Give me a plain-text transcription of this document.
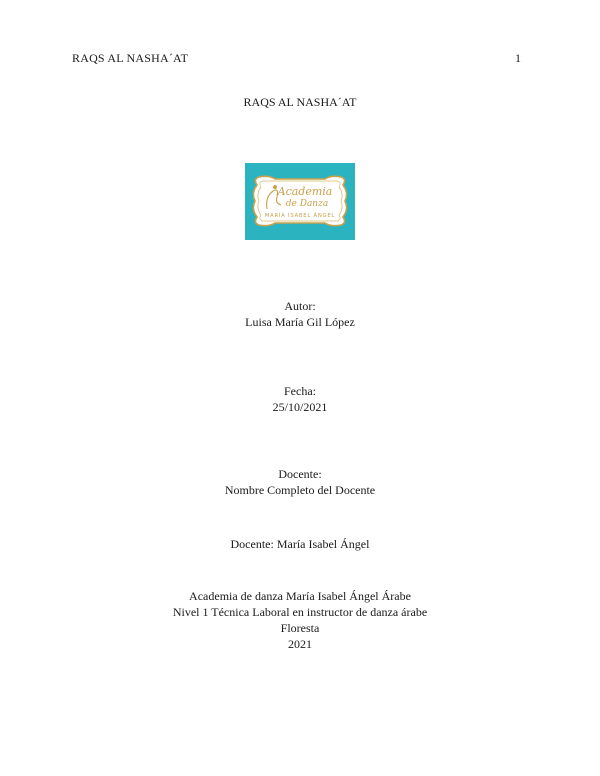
RAQS AL NASHA´AT	1
RAQS AL NASHA´AT
Academia
de Danza
MARÍA ISABEL ÁNGEL
Autor:
Luisa María Gil López
Fecha:
25/10/2021
Docente:
Nombre Completo del Docente
Docente: María Isabel Ángel
Academia de danza María Isabel Ángel Árabe
Nivel 1 Técnica Laboral en instructor de danza árabe
Floresta
2021
